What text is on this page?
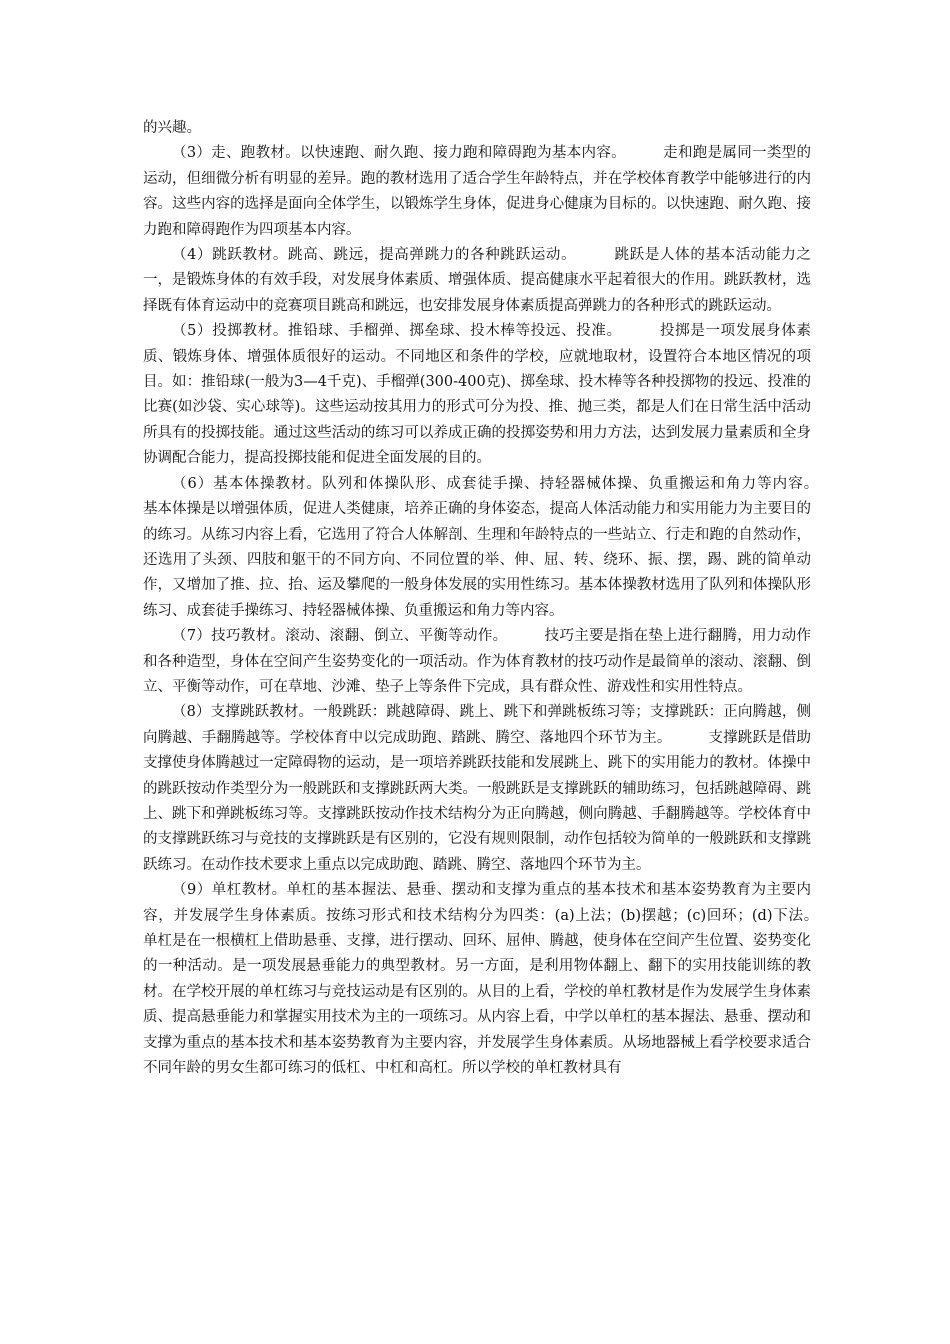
的兴趣。

（3）走、跑教材。以快速跑、耐久跑、接力跑和障碍跑为基本内容。　　　走和跑是属同一类型的运动，但细微分析有明显的差异。跑的教材选用了适合学生年龄特点，并在学校体育教学中能够进行的内容。这些内容的选择是面向全体学生，以锻炼学生身体，促进身心健康为目标的。以快速跑、耐久跑、接力跑和障碍跑作为四项基本内容。

（4）跳跃教材。跳高、跳远，提高弹跳力的各种跳跃运动。　　　跳跃是人体的基本活动能力之一，是锻炼身体的有效手段，对发展身体素质、增强体质、提高健康水平起着很大的作用。跳跃教材，选择既有体育运动中的竞赛项目跳高和跳远，也安排发展身体素质提高弹跳力的各种形式的跳跃运动。

（5）投掷教材。推铅球、手榴弹、掷垒球、投木棒等投远、投准。　　　投掷是一项发展身体素质、锻炼身体、增强体质很好的运动。不同地区和条件的学校，应就地取材，设置符合本地区情况的项目。如：推铅球(一般为3—4千克)、手榴弹(300-400克)、掷垒球、投木棒等各种投掷物的投远、投准的比赛(如沙袋、实心球等)。这些运动按其用力的形式可分为投、推、抛三类，都是人们在日常生活中活动所具有的投掷技能。通过这些活动的练习可以养成正确的投掷姿势和用力方法，达到发展力量素质和全身协调配合能力，提高投掷技能和促进全面发展的目的。

（6）基本体操教材。队列和体操队形、成套徒手操、持轻器械体操、负重搬运和角力等内容。　　　基本体操是以增强体质，促进人类健康，培养正确的身体姿态，提高人体活动能力和实用能力为主要目的的练习。从练习内容上看，它选用了符合人体解剖、生理和年龄特点的一些站立、行走和跑的自然动作，还选用了头颈、四肢和躯干的不同方向、不同位置的举、伸、屈、转、绕环、振、摆，踢、跳的简单动作，又增加了推、拉、抬、运及攀爬的一般身体发展的实用性练习。基本体操教材选用了队列和体操队形练习、成套徒手操练习、持轻器械体操、负重搬运和角力等内容。

（7）技巧教材。滚动、滚翻、倒立、平衡等动作。　　　技巧主要是指在垫上进行翻腾，用力动作和各种造型，身体在空间产生姿势变化的一项活动。作为体育教材的技巧动作是最简单的滚动、滚翻、倒立、平衡等动作，可在草地、沙滩、垫子上等条件下完成，具有群众性、游戏性和实用性特点。

（8）支撑跳跃教材。一般跳跃：跳越障碍、跳上、跳下和弹跳板练习等；支撑跳跃：正向腾越，侧向腾越、手翻腾越等。学校体育中以完成助跑、踏跳、腾空、落地四个环节为主。　　　支撑跳跃是借助支撑使身体腾越过一定障碍物的运动，是一项培养跳跃技能和发展跳上、跳下的实用能力的教材。体操中的跳跃按动作类型分为一般跳跃和支撑跳跃两大类。一般跳跃是支撑跳跃的辅助练习，包括跳越障碍、跳上、跳下和弹跳板练习等。支撑跳跃按动作技术结构分为正向腾越，侧向腾越、手翻腾越等。学校体育中的支撑跳跃练习与竞技的支撑跳跃是有区别的，它没有规则限制，动作包括较为简单的一般跳跃和支撑跳跃练习。在动作技术要求上重点以完成助跑、踏跳、腾空、落地四个环节为主。

（9）单杠教材。单杠的基本握法、悬垂、摆动和支撑为重点的基本技术和基本姿势教育为主要内容，并发展学生身体素质。按练习形式和技术结构分为四类：(a)上法；(b)摆越；(c)回环；(d)下法。　　　单杠是在一根横杠上借助悬垂、支撑，进行摆动、回环、屈伸、腾越，使身体在空间产生位置、姿势变化的一种活动。是一项发展悬垂能力的典型教材。另一方面，是利用物体翻上、翻下的实用技能训练的教材。在学校开展的单杠练习与竞技运动是有区别的。从目的上看，学校的单杠教材是作为发展学生身体素质、提高悬垂能力和掌握实用技术为主的一项练习。从内容上看，中学以单杠的基本握法、悬垂、摆动和支撑为重点的基本技术和基本姿势教育为主要内容，并发展学生身体素质。从场地器械上看学校要求适合不同年龄的男女生都可练习的低杠、中杠和高杠。所以学校的单杠教材具有
